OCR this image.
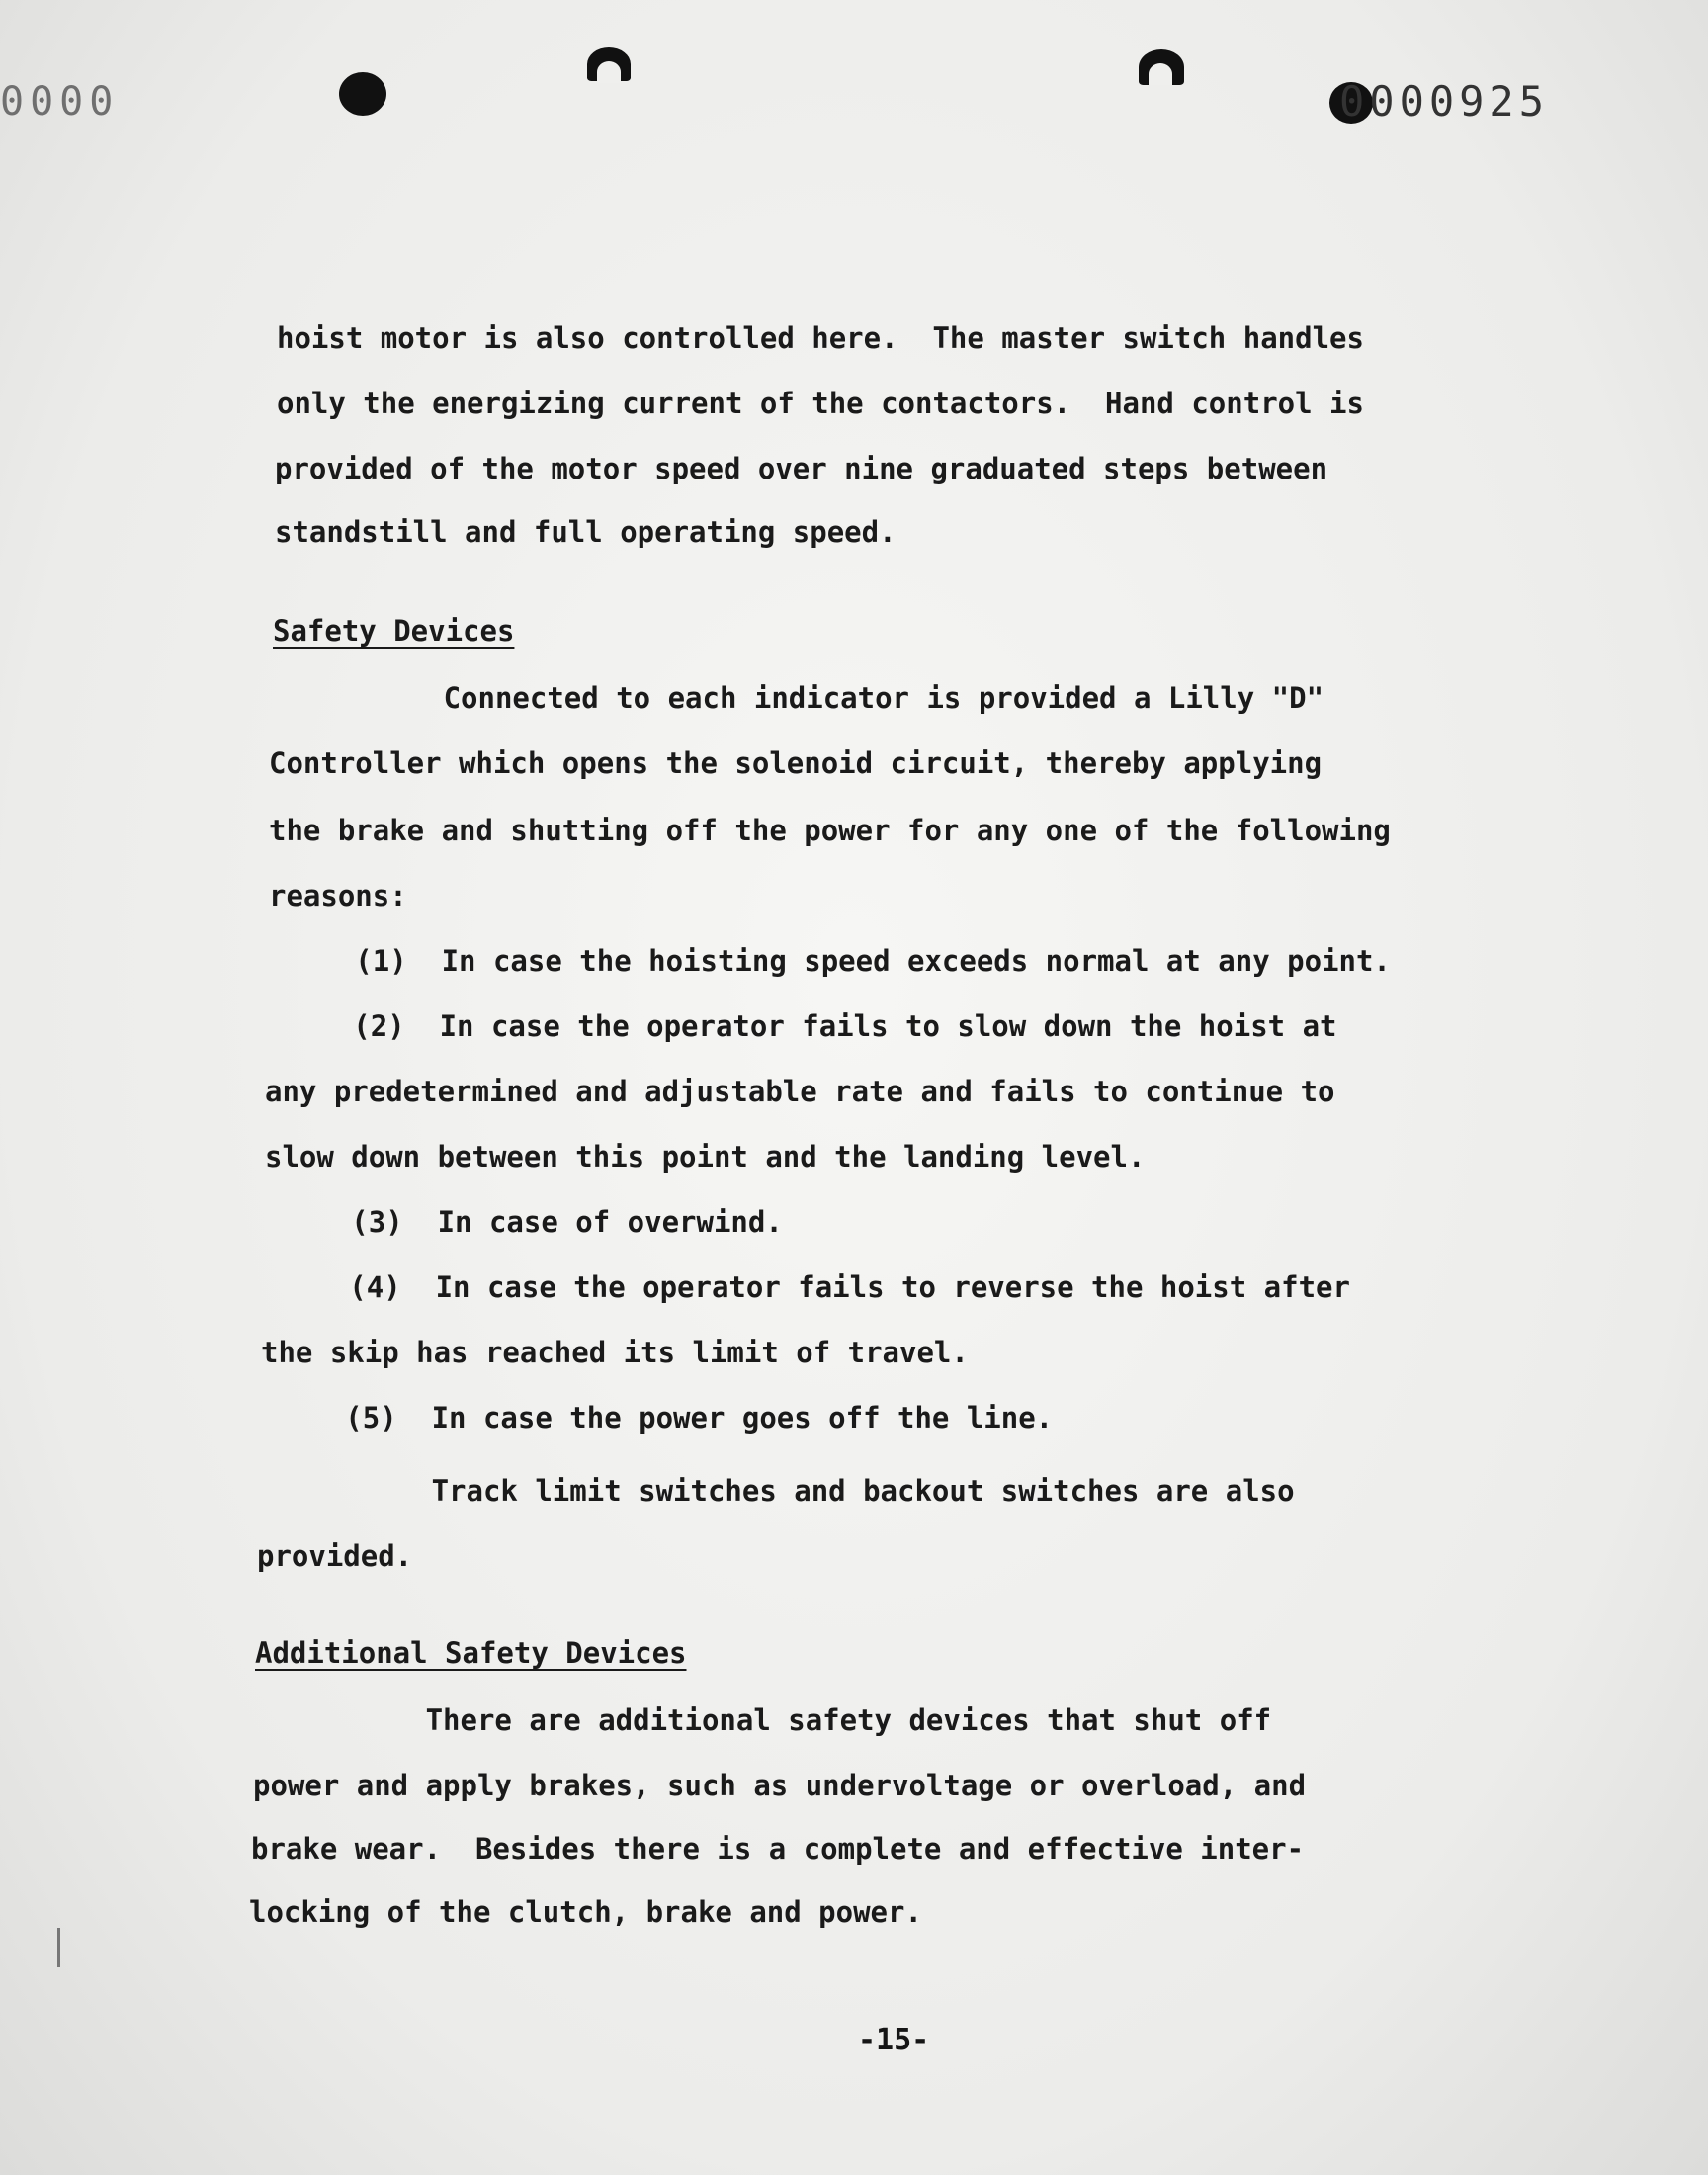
0000	0000925
hoist motor is also controlled here.  The master switch handles
only the energizing current of the contactors.  Hand control is
provided of the motor speed over nine graduated steps between
standstill and full operating speed.
Safety Devices
Connected to each indicator is provided a Lilly "D"
Controller which opens the solenoid circuit, thereby applying
the brake and shutting off the power for any one of the following
reasons:
(1)  In case the hoisting speed exceeds normal at any point.
(2)  In case the operator fails to slow down the hoist at
any predetermined and adjustable rate and fails to continue to
slow down between this point and the landing level.
(3)  In case of overwind.
(4)  In case the operator fails to reverse the hoist after
the skip has reached its limit of travel.
(5)  In case the power goes off the line.
Track limit switches and backout switches are also
provided.
Additional Safety Devices
There are additional safety devices that shut off
power and apply brakes, such as undervoltage or overload, and
brake wear.  Besides there is a complete and effective inter-
locking of the clutch, brake and power.
-15-
